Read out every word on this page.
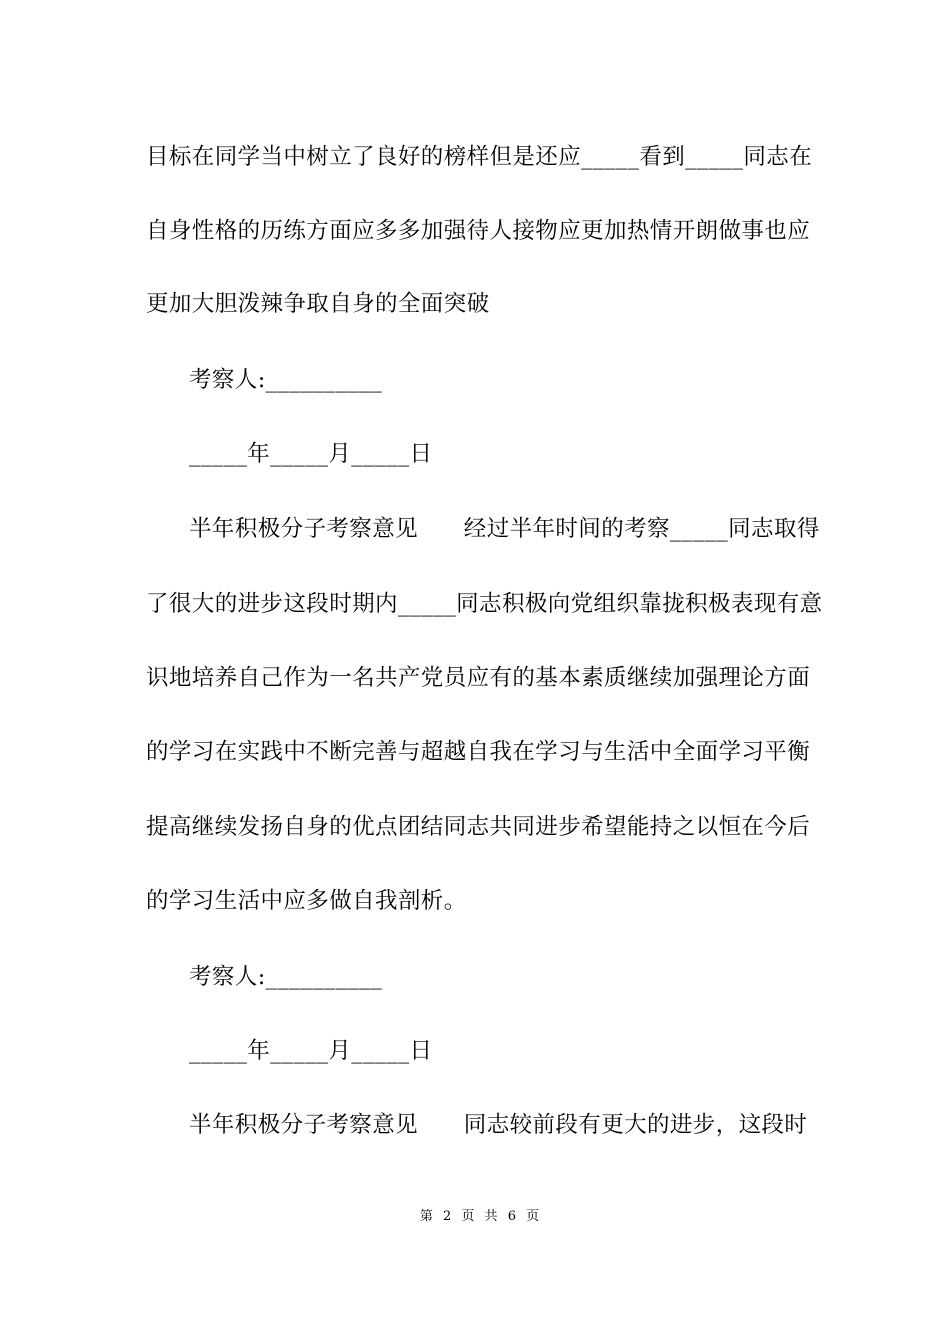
目标在同学当中树立了良好的榜样但是还应_____看到_____同志在
自身性格的历练方面应多多加强待人接物应更加热情开朗做事也应
更加大胆泼辣争取自身的全面突破
考察人:__________
_____年_____月_____日
半年积极分子考察意见　　经过半年时间的考察_____同志取得
了很大的进步这段时期内_____同志积极向党组织靠拢积极表现有意
识地培养自己作为一名共产党员应有的基本素质继续加强理论方面
的学习在实践中不断完善与超越自我在学习与生活中全面学习平衡
提高继续发扬自身的优点团结同志共同进步希望能持之以恒在今后
的学习生活中应多做自我剖析。
考察人:__________
_____年_____月_____日
半年积极分子考察意见　　同志较前段有更大的进步，这段时
第 2 页 共 6 页
